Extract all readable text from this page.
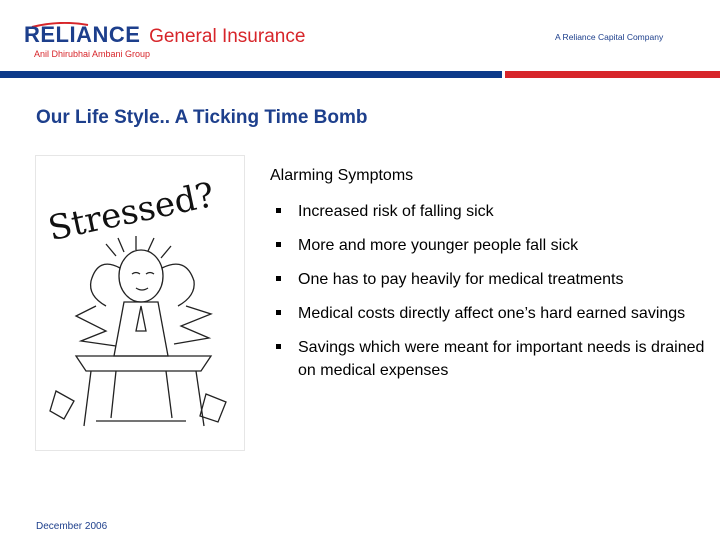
RELIANCE General Insurance
Anil Dhirubhai Ambani Group
A Reliance Capital Company
Our Life Style.. A Ticking Time Bomb
Stressed?	Alarming Symptoms
Increased risk of falling sick
More and more younger people fall sick
One has to pay heavily for medical treatments
Medical costs directly affect one’s hard earned savings
Savings which were meant for important needs is drained on medical expenses
December 2006
